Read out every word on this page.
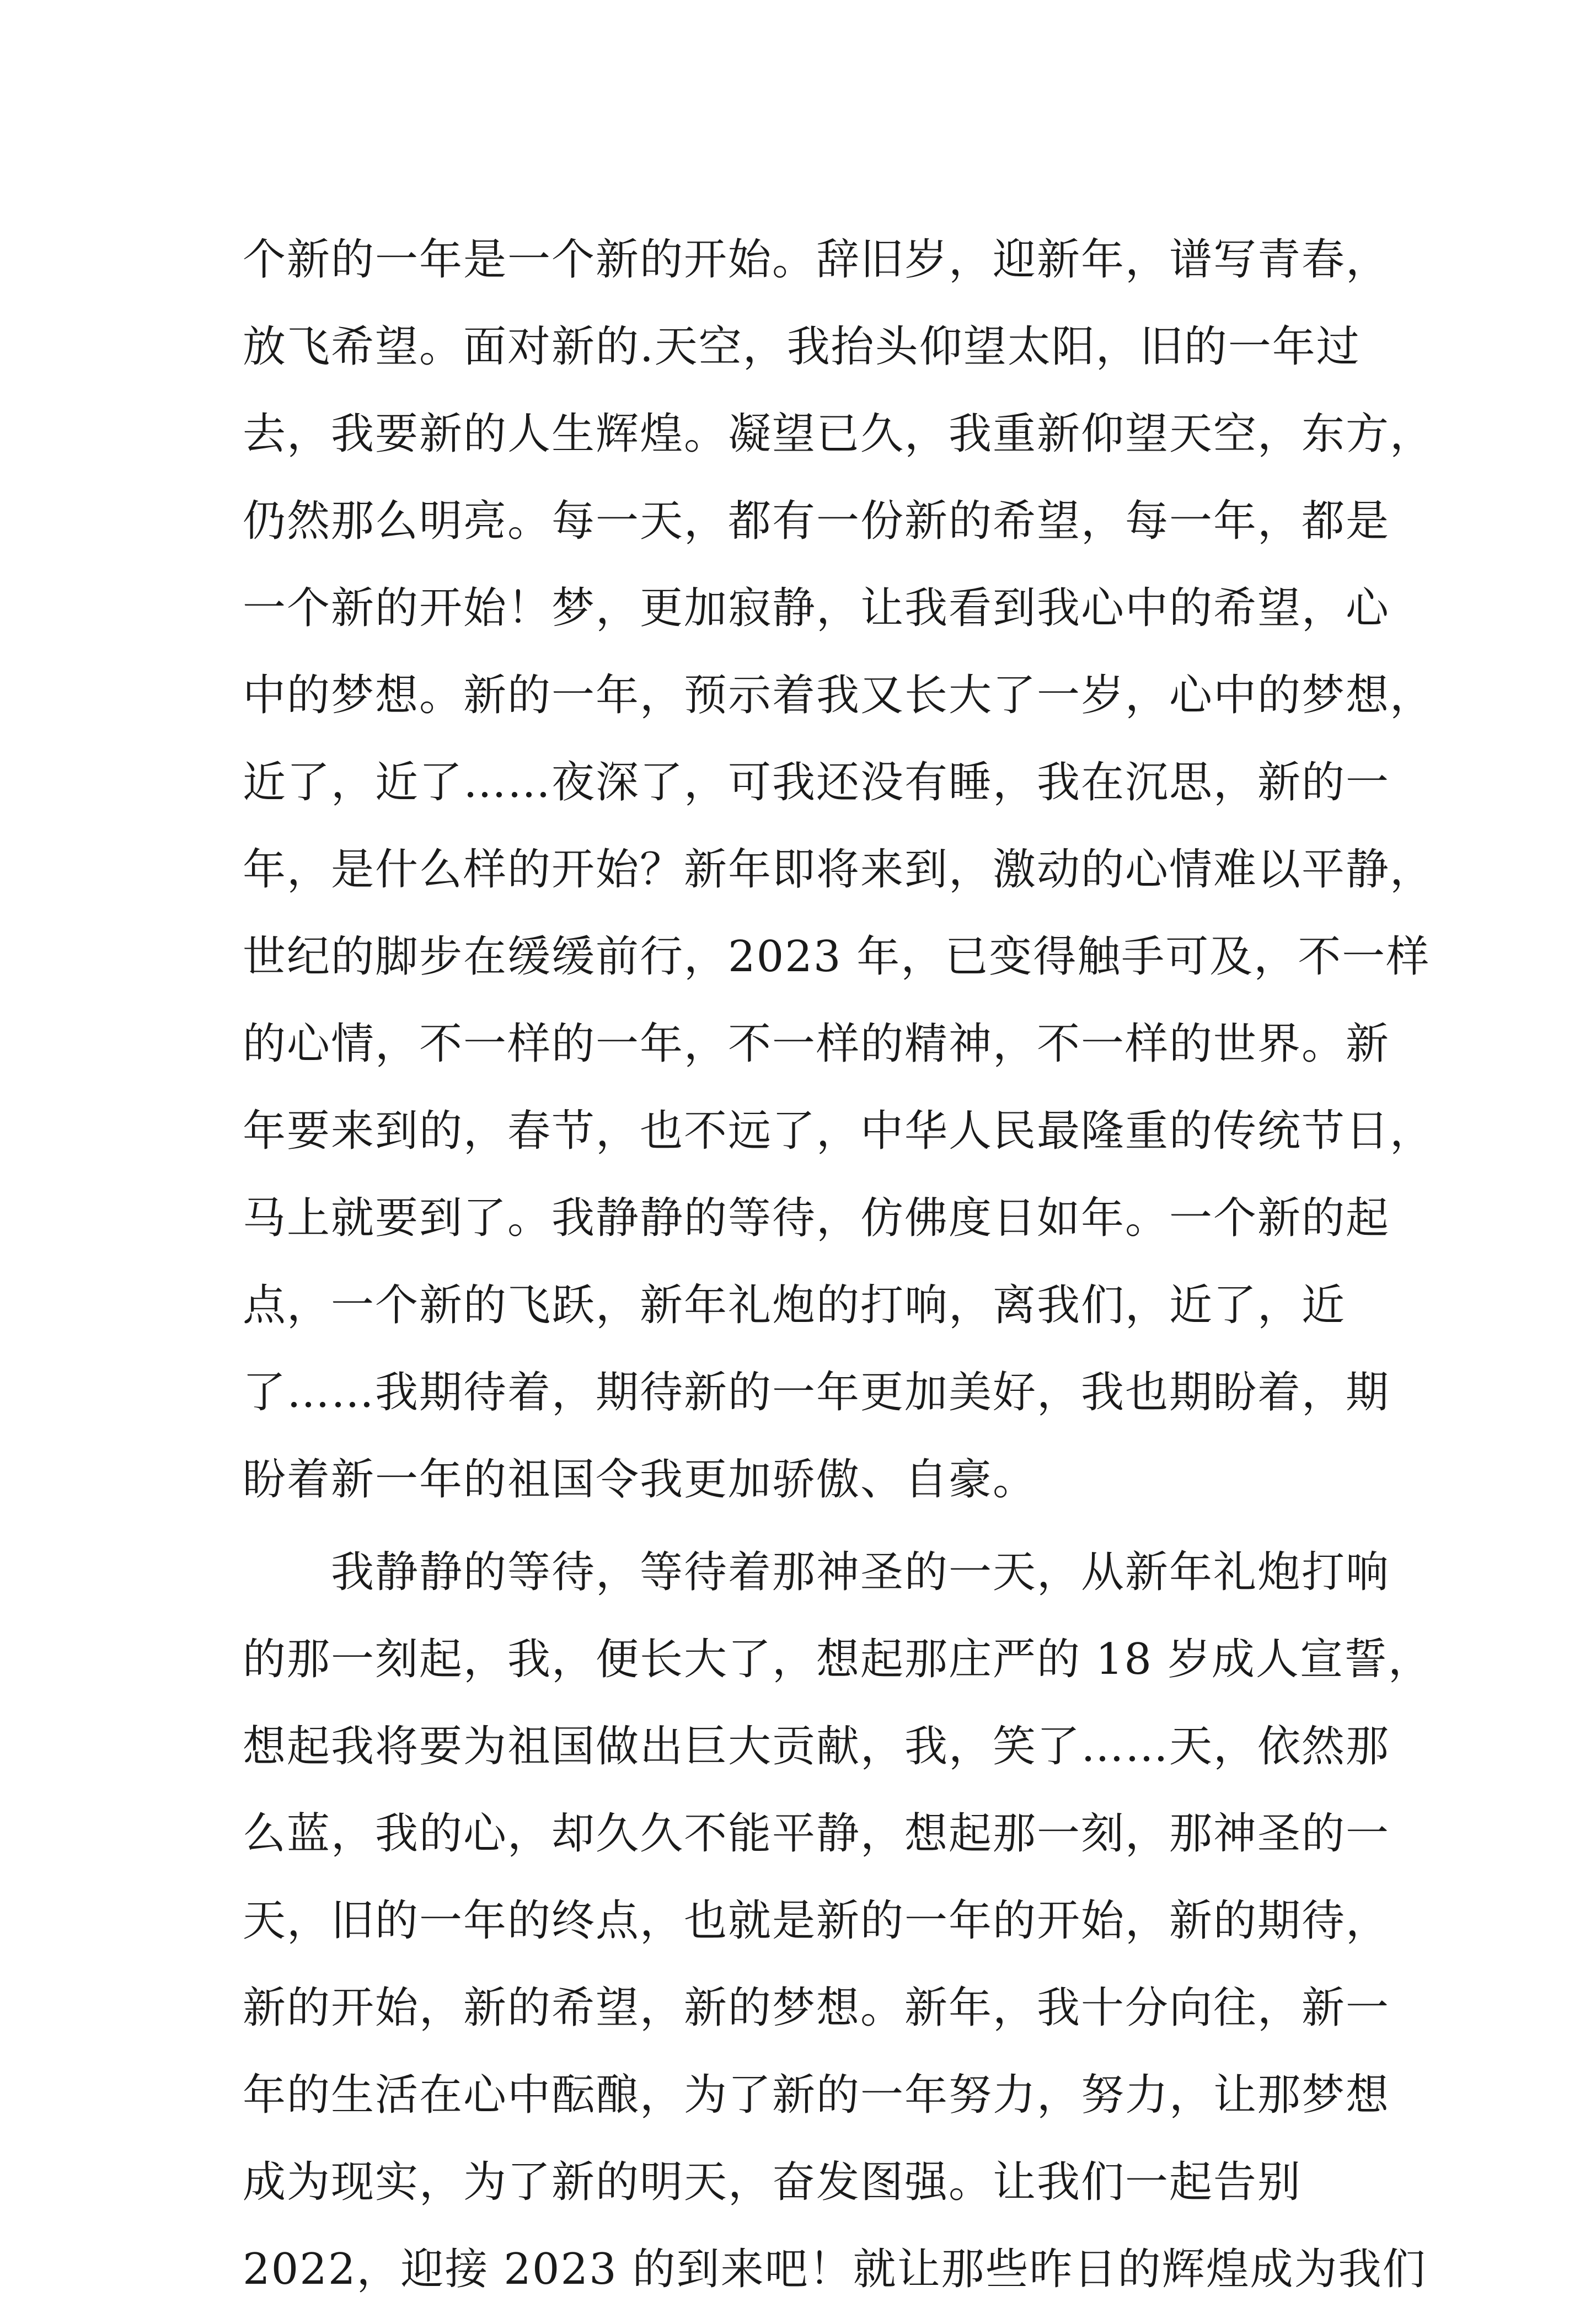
个新的一年是一个新的开始。辞旧岁，迎新年，谱写青春，
放飞希望。面对新的.天空，我抬头仰望太阳，旧的一年过
去，我要新的人生辉煌。凝望已久，我重新仰望天空，东方，
仍然那么明亮。每一天，都有一份新的希望，每一年，都是
一个新的开始！梦，更加寂静，让我看到我心中的希望，心
中的梦想。新的一年，预示着我又长大了一岁，心中的梦想，
近了，近了……夜深了，可我还没有睡，我在沉思，新的一
年，是什么样的开始？新年即将来到，激动的心情难以平静，
世纪的脚步在缓缓前行，2023 年，已变得触手可及，不一样
的心情，不一样的一年，不一样的精神，不一样的世界。新
年要来到的，春节，也不远了，中华人民最隆重的传统节日，
马上就要到了。我静静的等待，仿佛度日如年。一个新的起
点，一个新的飞跃，新年礼炮的打响，离我们，近了，近
了……我期待着，期待新的一年更加美好，我也期盼着，期
盼着新一年的祖国令我更加骄傲、自豪。
我静静的等待，等待着那神圣的一天，从新年礼炮打响
的那一刻起，我，便长大了，想起那庄严的 18 岁成人宣誓，
想起我将要为祖国做出巨大贡献，我，笑了……天，依然那
么蓝，我的心，却久久不能平静，想起那一刻，那神圣的一
天，旧的一年的终点，也就是新的一年的开始，新的期待，
新的开始，新的希望，新的梦想。新年，我十分向往，新一
年的生活在心中酝酿，为了新的一年努力，努力，让那梦想
成为现实，为了新的明天，奋发图强。让我们一起告别
2022，迎接 2023 的到来吧！就让那些昨日的辉煌成为我们
